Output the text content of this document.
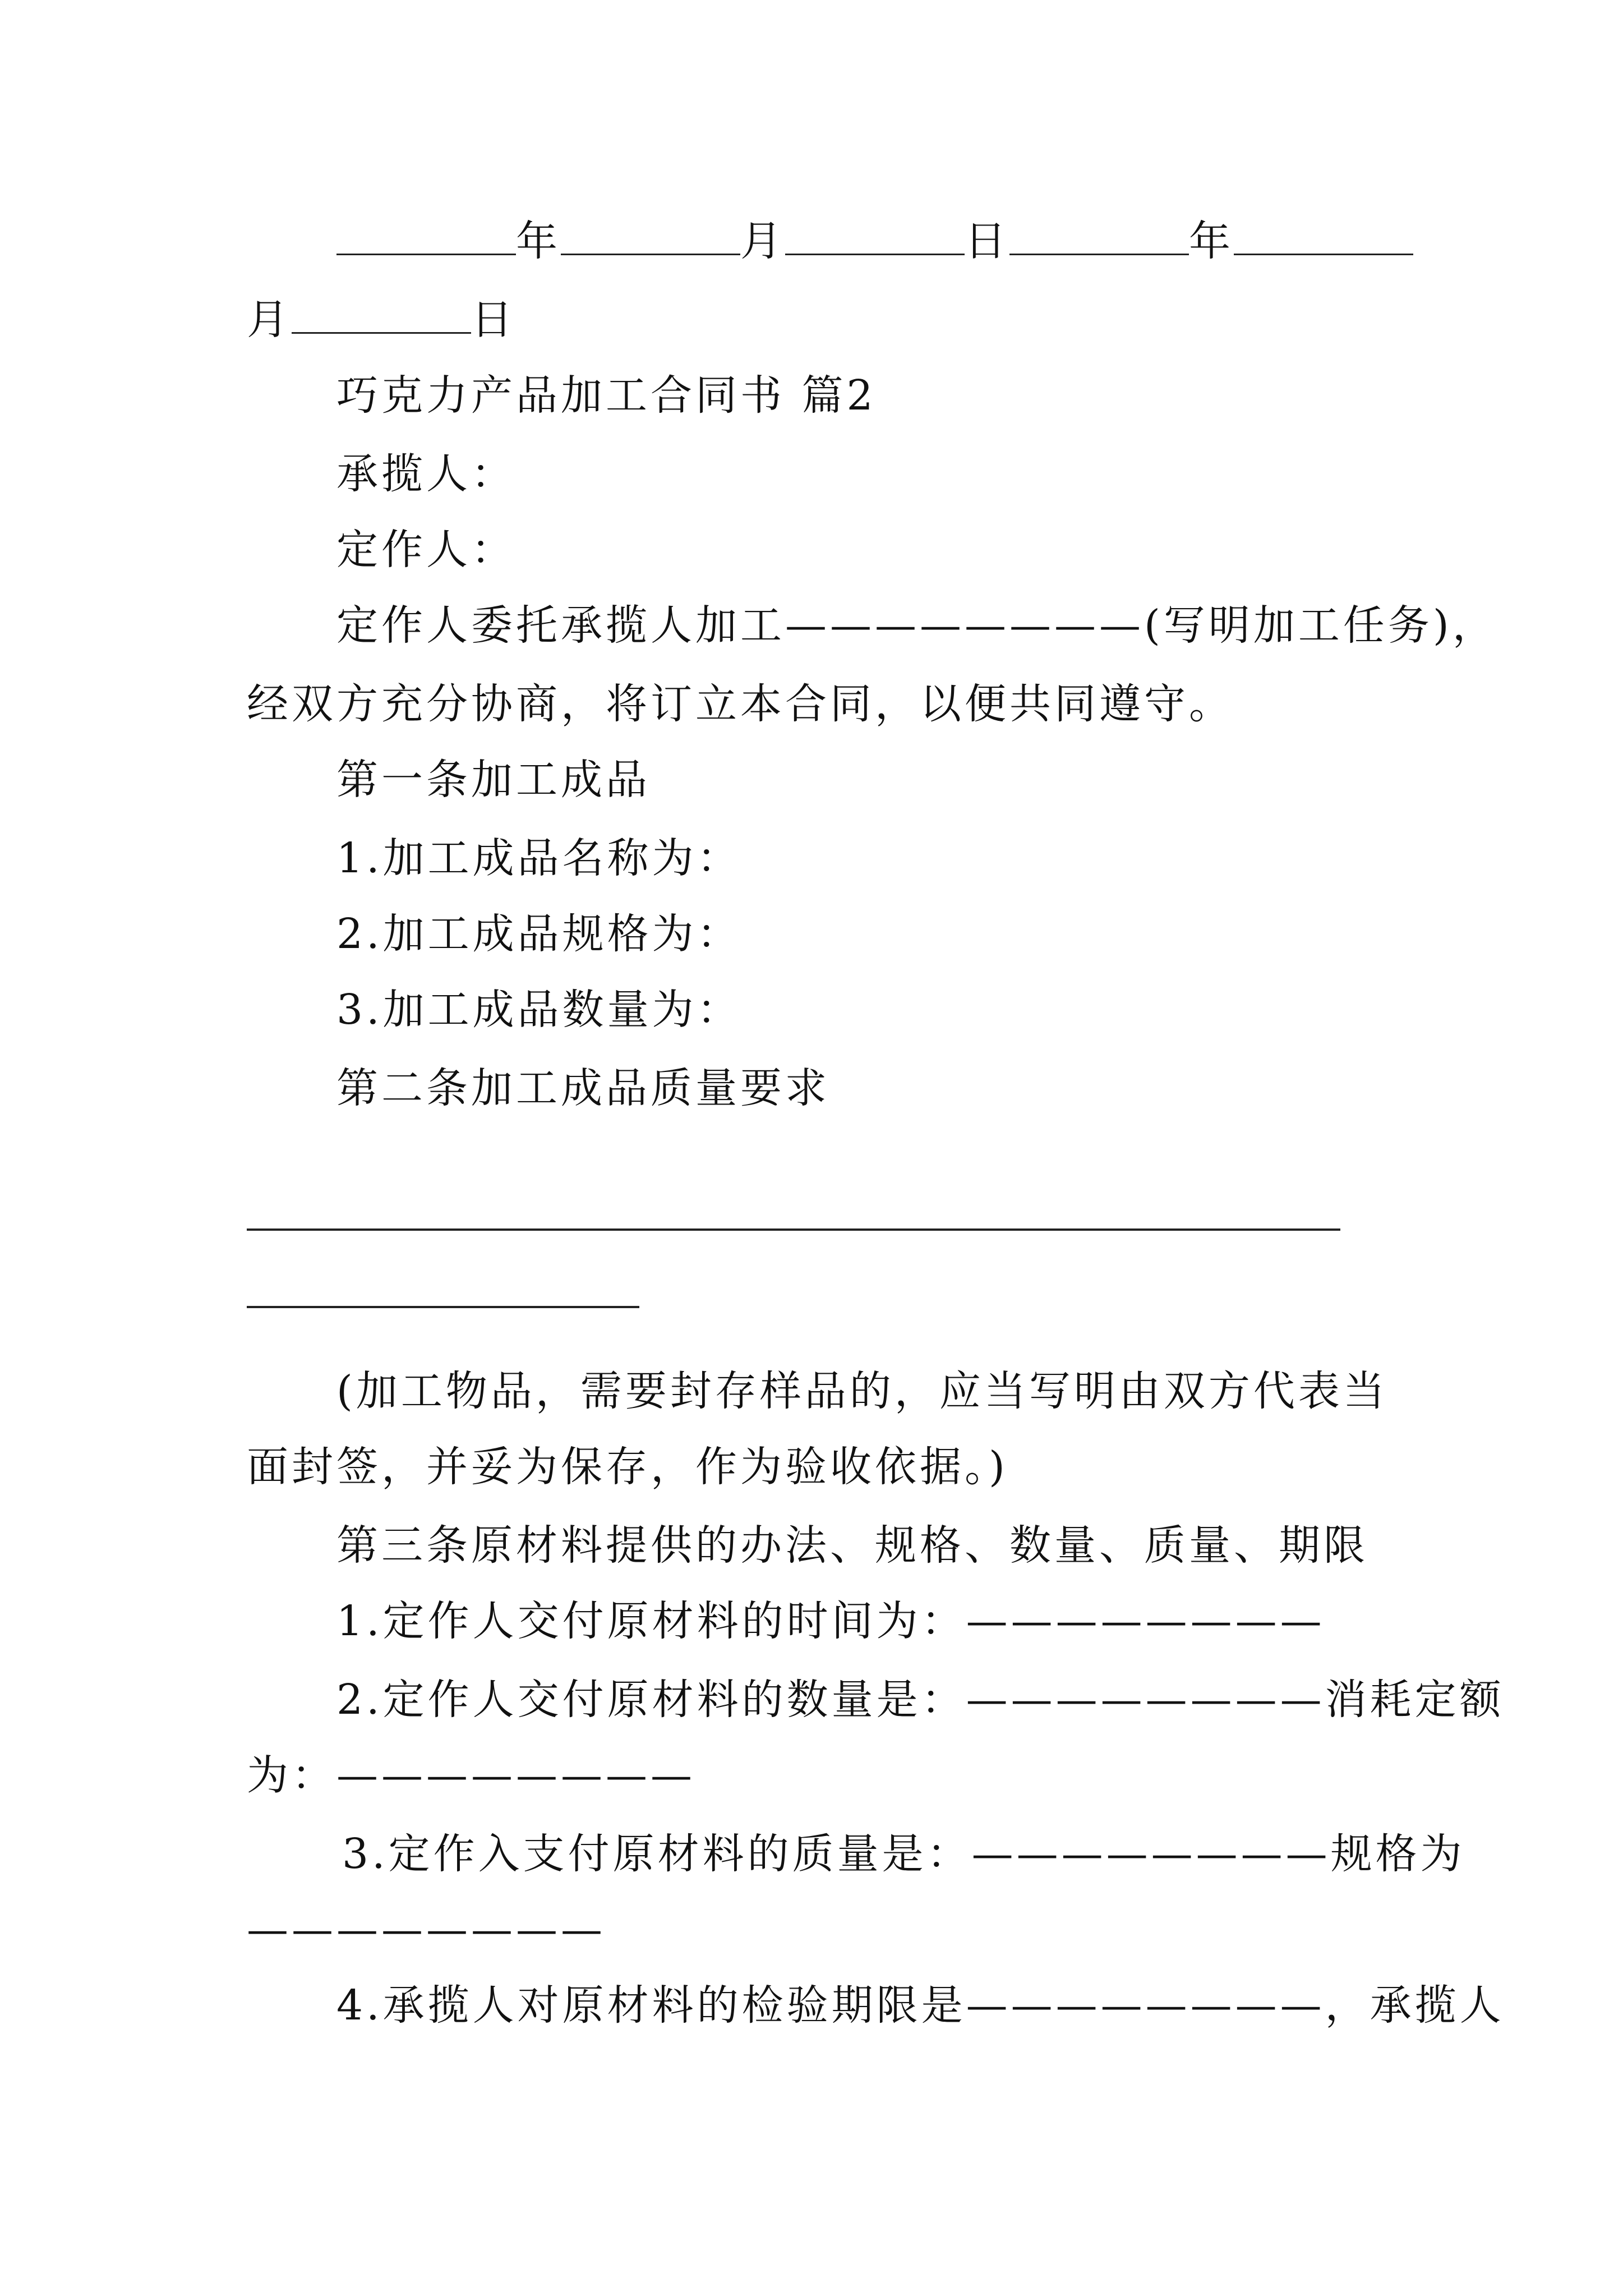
年	月	日	年
月	日
巧克力产品加工合同书 篇2
承揽人：
定作人：
定作人委托承揽人加工————————(写明加工任务)，
经双方充分协商，将订立本合同，以便共同遵守。
第一条加工成品
1.加工成品名称为：
2.加工成品规格为：
3.加工成品数量为：
第二条加工成品质量要求
(加工物品，需要封存样品的，应当写明由双方代表当
面封签，并妥为保存，作为验收依据。)
第三条原材料提供的办法、规格、数量、质量、期限
1.定作人交付原材料的时间为：————————
2.定作人交付原材料的数量是：————————消耗定额
为：————————
3.定作入支付原材料的质量是：————————规格为
————————
4.承揽人对原材料的检验期限是————————，承揽人
